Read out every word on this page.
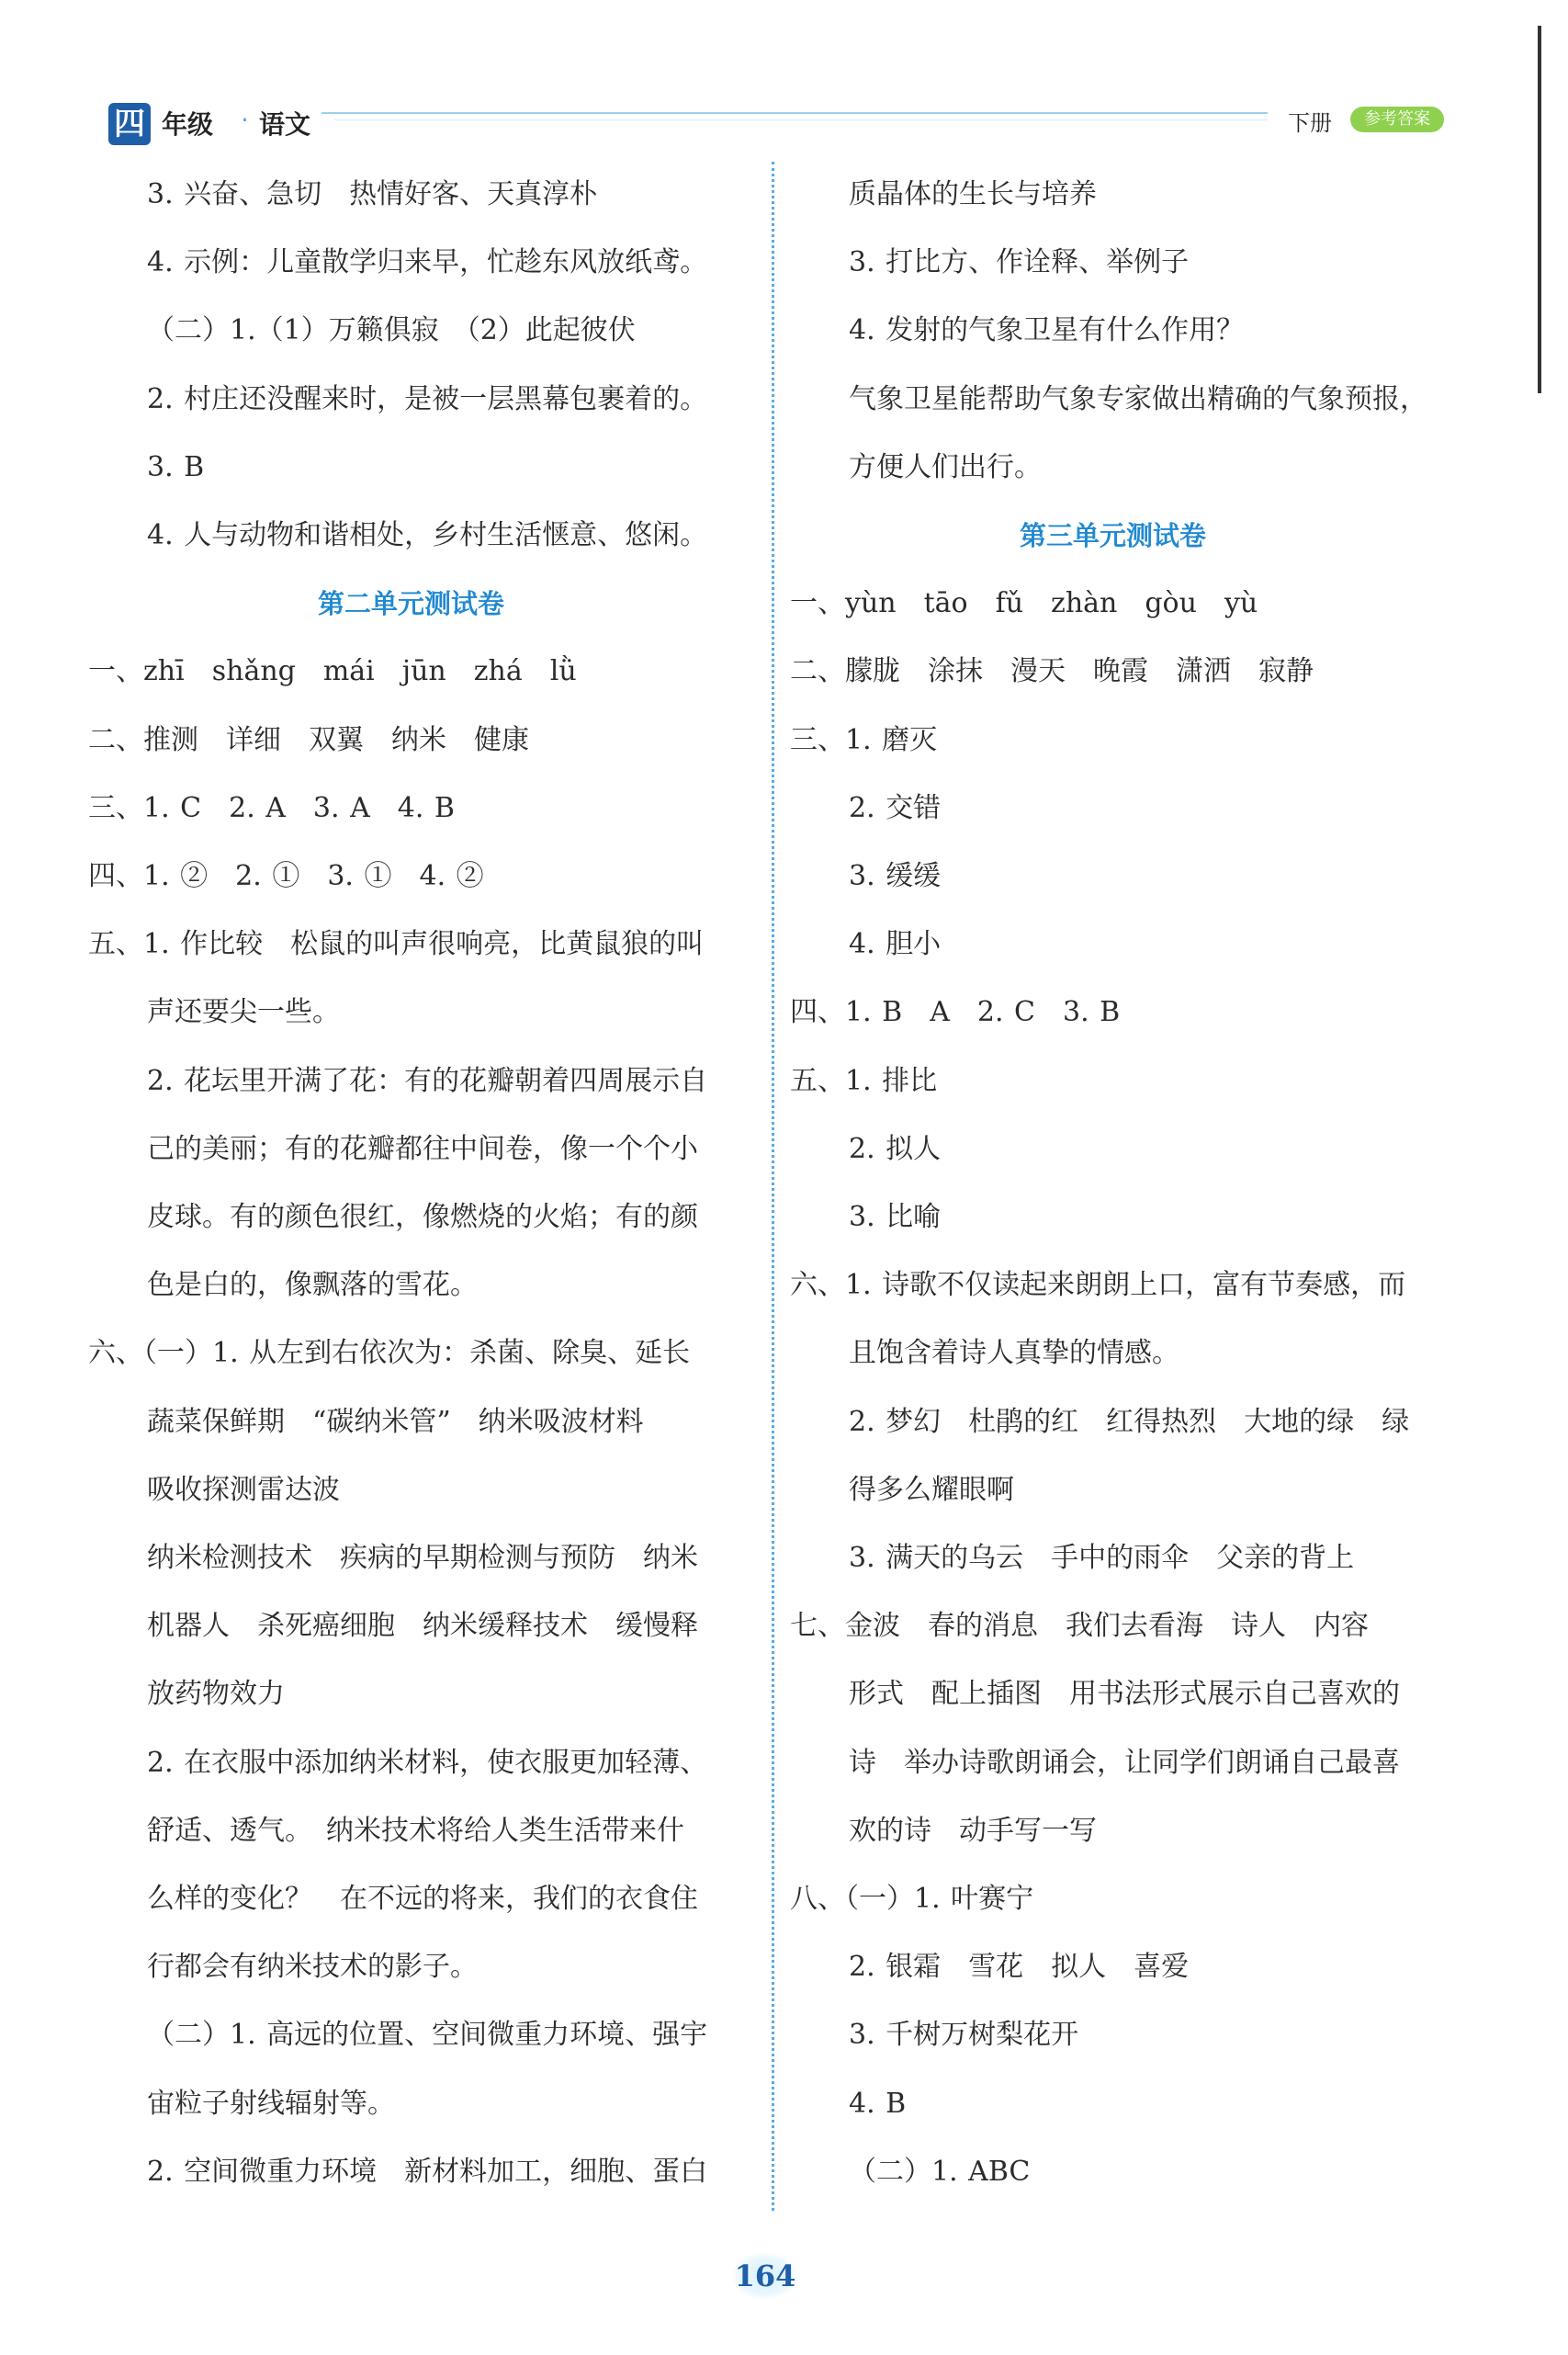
四 年级 · 语文	下册	参考答案
3. 兴奋、急切　热情好客、天真淳朴
4. 示例：儿童散学归来早，忙趁东风放纸鸢。
（二）1.（1）万籁俱寂　（2）此起彼伏
2. 村庄还没醒来时，是被一层黑幕包裹着的。
3. B
4. 人与动物和谐相处，乡村生活惬意、悠闲。
第二单元测试卷
一、zhī　shǎng　mái　jūn　zhá　lǜ
二、推测　详细　双翼　纳米　健康
三、1. C　2. A　3. A　4. B
四、1. ②　2. ①　3. ①　4. ②
五、1. 作比较　松鼠的叫声很响亮，比黄鼠狼的叫
声还要尖一些。
2. 花坛里开满了花：有的花瓣朝着四周展示自
己的美丽；有的花瓣都往中间卷，像一个个小
皮球。有的颜色很红，像燃烧的火焰；有的颜
色是白的，像飘落的雪花。
六、（一）1. 从左到右依次为：杀菌、除臭、延长
蔬菜保鲜期　“碳纳米管”　纳米吸波材料
吸收探测雷达波
纳米检测技术　疾病的早期检测与预防　纳米
机器人　杀死癌细胞　纳米缓释技术　缓慢释
放药物效力
2. 在衣服中添加纳米材料，使衣服更加轻薄、
舒适、透气。　纳米技术将给人类生活带来什
么样的变化？　在不远的将来，我们的衣食住
行都会有纳米技术的影子。
（二）1. 高远的位置、空间微重力环境、强宇
宙粒子射线辐射等。
2. 空间微重力环境　新材料加工，细胞、蛋白
质晶体的生长与培养
3. 打比方、作诠释、举例子
4. 发射的气象卫星有什么作用？
气象卫星能帮助气象专家做出精确的气象预报，
方便人们出行。
第三单元测试卷
一、yùn　tāo　fǔ　zhàn　gòu　yù
二、朦胧　涂抹　漫天　晚霞　潇洒　寂静
三、1. 磨灭
2. 交错
3. 缓缓
4. 胆小
四、1. B　A　2. C　3. B
五、1. 排比
2. 拟人
3. 比喻
六、1. 诗歌不仅读起来朗朗上口，富有节奏感，而
且饱含着诗人真挚的情感。
2. 梦幻　杜鹃的红　红得热烈　大地的绿　绿
得多么耀眼啊
3. 满天的乌云　手中的雨伞　父亲的背上
七、金波　春的消息　我们去看海　诗人　内容
形式　配上插图　用书法形式展示自己喜欢的
诗　举办诗歌朗诵会，让同学们朗诵自己最喜
欢的诗　动手写一写
八、（一）1. 叶赛宁
2. 银霜　雪花　拟人　喜爱
3. 千树万树梨花开
4. B
（二）1. ABC
164
